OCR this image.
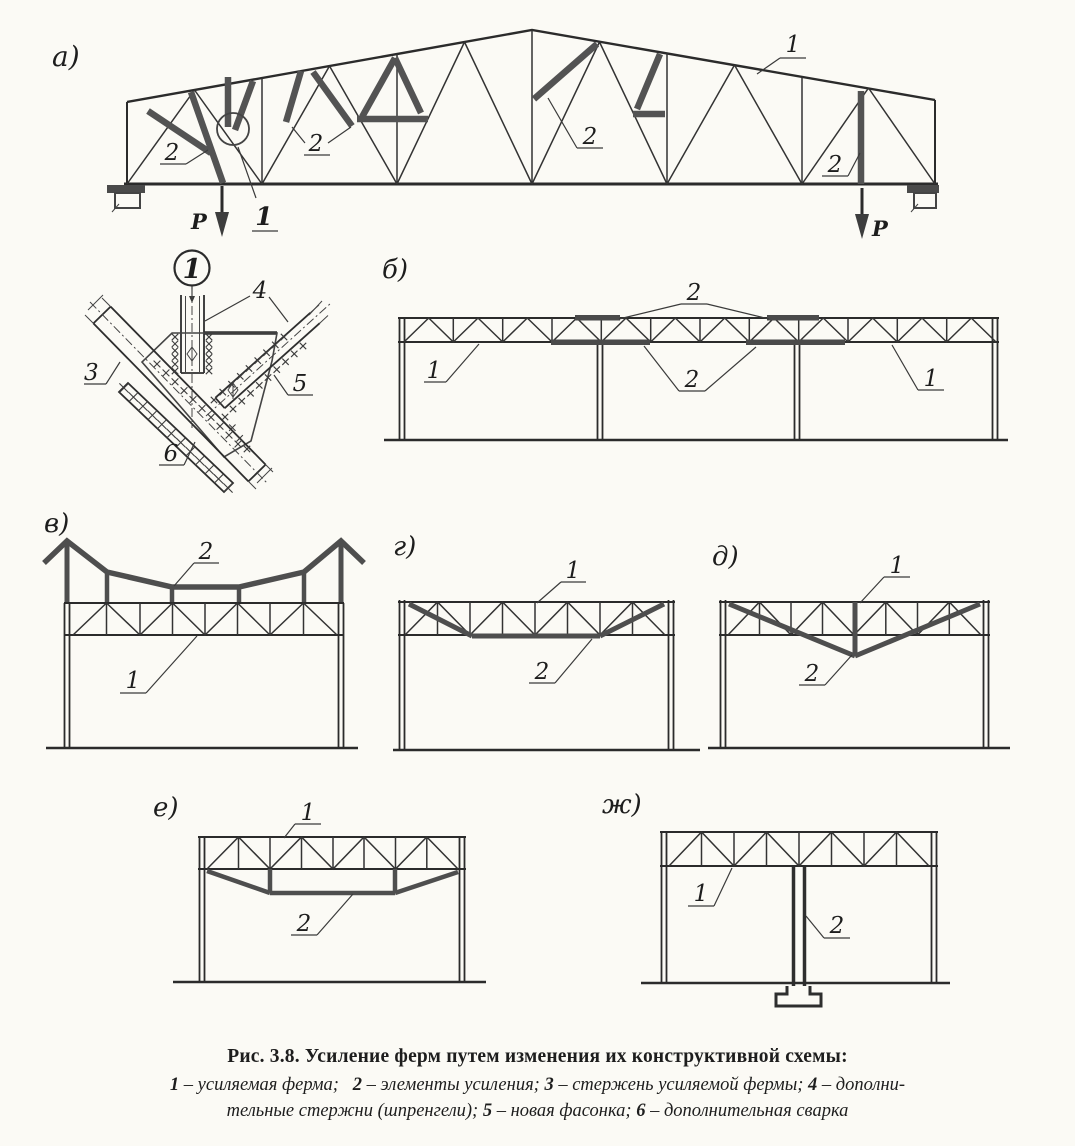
а)
P	P
2	2	2
2
1
1
1
3
4
5
6
б)
2
2
1	1
в)
2
1
г)
1
2
д)	1
2
е)	1
2
ж)
1
2
Рис. 3.8. Усиление ферм путем изменения их конструктивной схемы:
1 – усиляемая ферма;  2 – элементы усиления; 3 – стержень усиляемой фермы; 4 – дополни-
тельные стержни (шпренгели); 5 – новая фасонка; 6 – дополнительная сварка
